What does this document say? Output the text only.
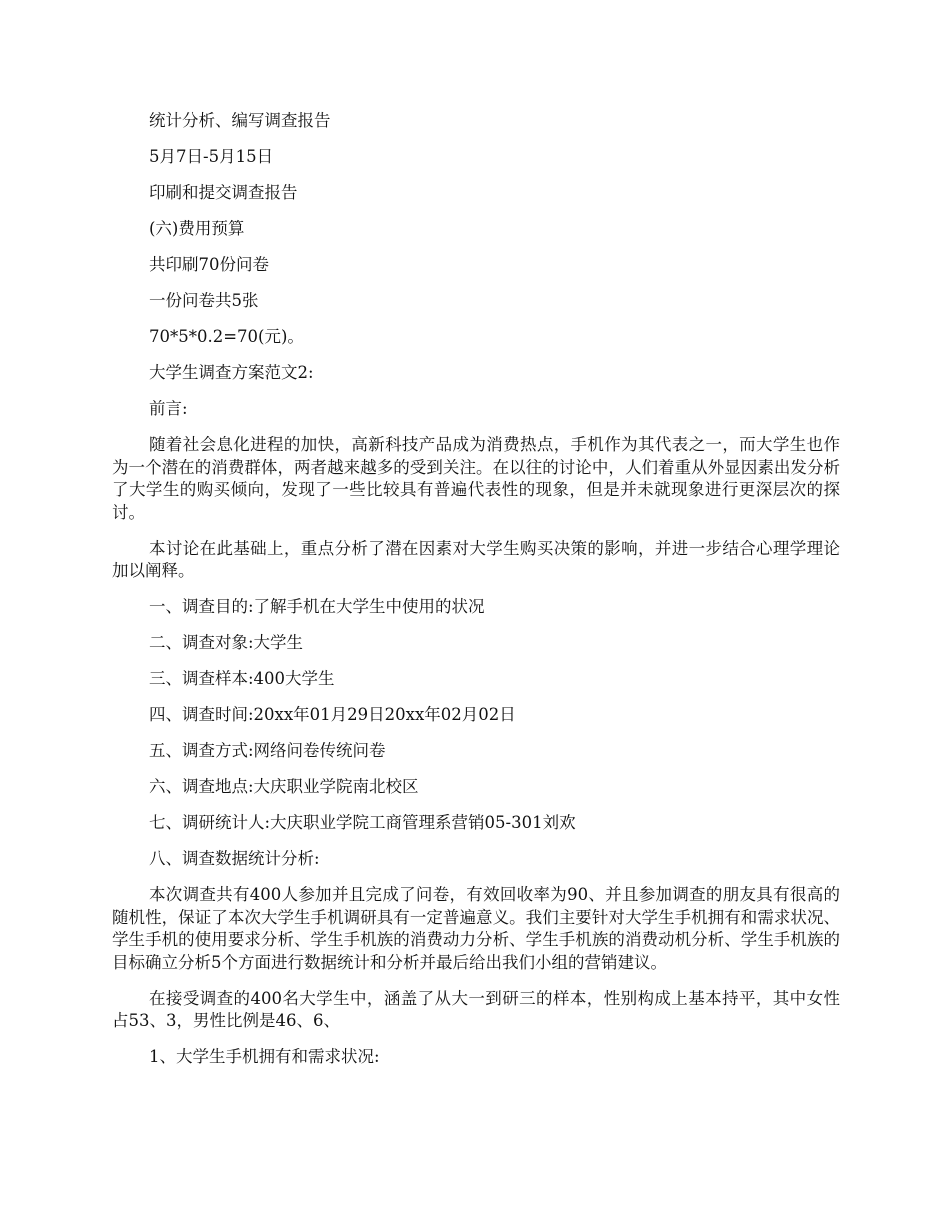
统计分析、编写调查报告

5月7日-5月15日

印刷和提交调查报告

(六)费用预算

共印刷70份问卷

一份问卷共5张

70*5*0.2=70(元)。

大学生调查方案范文2:

前言:

随着社会息化进程的加快，高新科技产品成为消费热点，手机作为其代表之一，而大学生也作为一个潜在的消费群体，两者越来越多的受到关注。在以往的讨论中，人们着重从外显因素出发分析了大学生的购买倾向，发现了一些比较具有普遍代表性的现象，但是并未就现象进行更深层次的探讨。

本讨论在此基础上，重点分析了潜在因素对大学生购买决策的影响，并进一步结合心理学理论加以阐释。

一、调查目的:了解手机在大学生中使用的状况

二、调查对象:大学生

三、调查样本:400大学生

四、调查时间:20xx年01月29日20xx年02月02日

五、调查方式:网络问卷传统问卷

六、调查地点:大庆职业学院南北校区

七、调研统计人:大庆职业学院工商管理系营销05-301刘欢

八、调查数据统计分析:

本次调查共有400人参加并且完成了问卷，有效回收率为90、并且参加调查的朋友具有很高的随机性，保证了本次大学生手机调研具有一定普遍意义。我们主要针对大学生手机拥有和需求状况、学生手机的使用要求分析、学生手机族的消费动力分析、学生手机族的消费动机分析、学生手机族的目标确立分析5个方面进行数据统计和分析并最后给出我们小组的营销建议。

在接受调查的400名大学生中，涵盖了从大一到研三的样本，性别构成上基本持平，其中女性占53、3，男性比例是46、6、

1、大学生手机拥有和需求状况:
